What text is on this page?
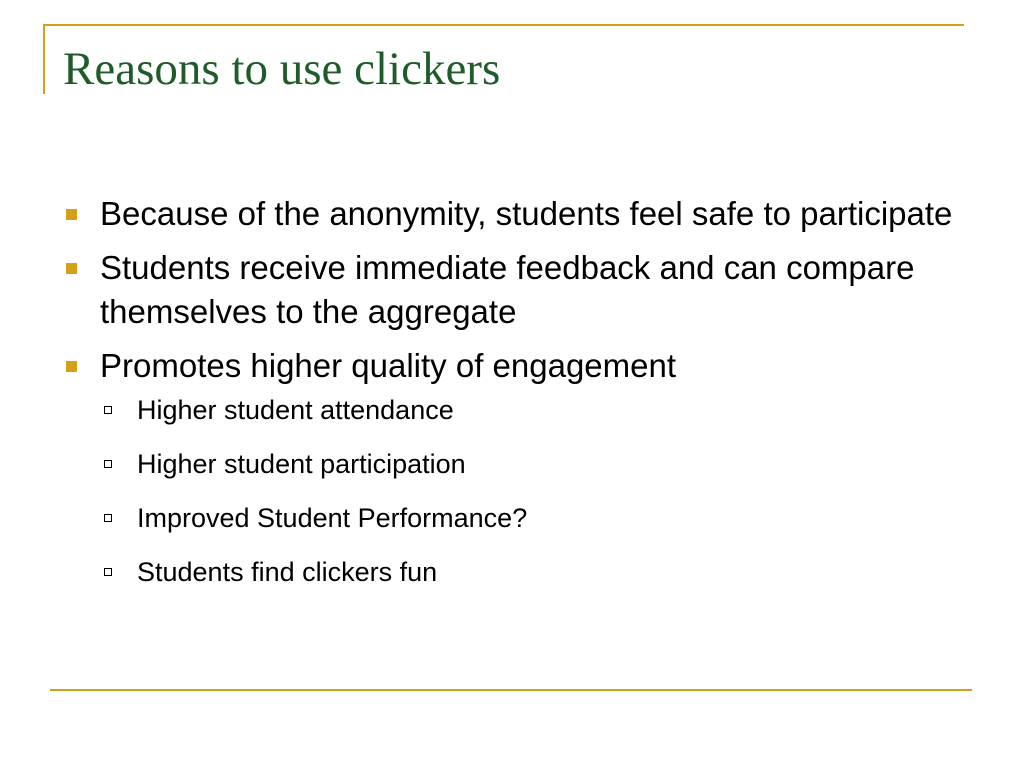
Reasons to use clickers
Because of the anonymity, students feel safe to participate
Students receive immediate feedback and can compare themselves to the aggregate
Promotes higher quality of engagement
Higher student attendance
Higher student participation
Improved Student Performance?
Students find clickers fun
